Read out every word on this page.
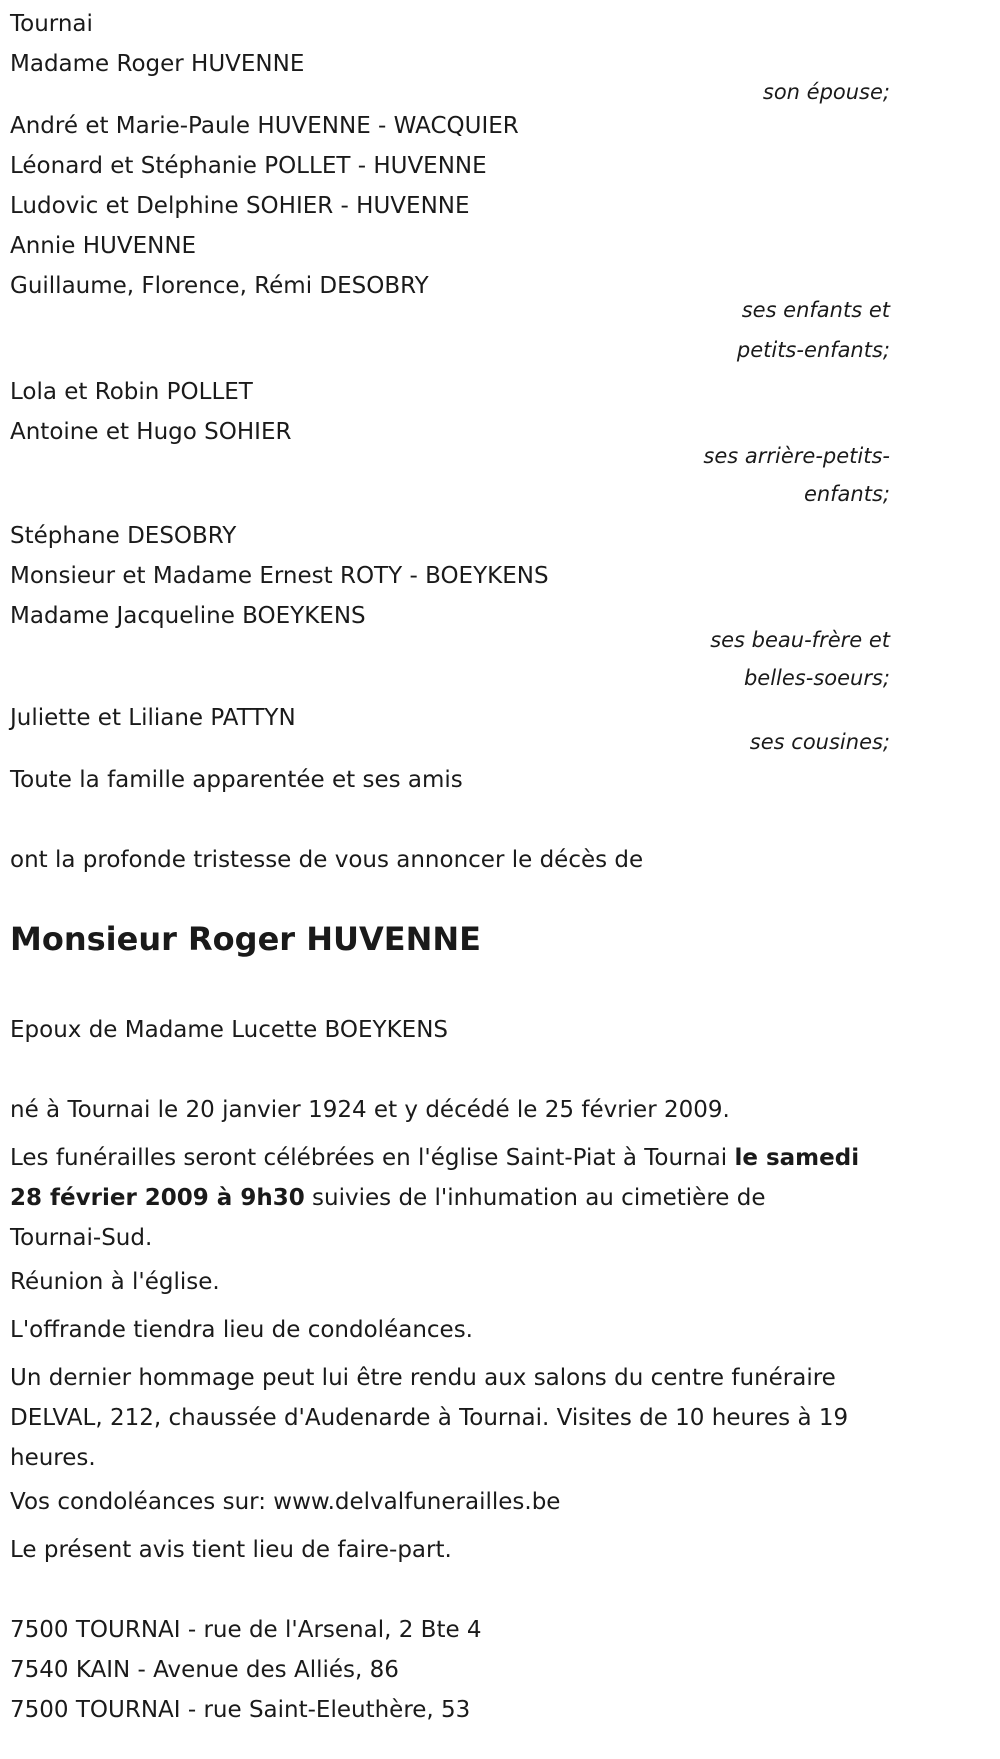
Tournai
Madame Roger HUVENNE
son épouse;
André et Marie-Paule HUVENNE - WACQUIER
Léonard et Stéphanie POLLET - HUVENNE
Ludovic et Delphine SOHIER - HUVENNE
Annie HUVENNE
Guillaume, Florence, Rémi DESOBRY
ses enfants et
petits-enfants;
Lola et Robin POLLET
Antoine et Hugo SOHIER
ses arrière-petits-
enfants;
Stéphane DESOBRY
Monsieur et Madame Ernest ROTY - BOEYKENS
Madame Jacqueline BOEYKENS
ses beau-frère et
belles-soeurs;
Juliette et Liliane PATTYN
ses cousines;
Toute la famille apparentée et ses amis
ont la profonde tristesse de vous annoncer le décès de
Monsieur Roger HUVENNE
Epoux de Madame Lucette BOEYKENS
né à Tournai le 20 janvier 1924 et y décédé le 25 février 2009.
Les funérailles seront célébrées en l'église Saint-Piat à Tournai le samedi
28 février 2009 à 9h30 suivies de l'inhumation au cimetière de
Tournai-Sud.
Réunion à l'église.
L'offrande tiendra lieu de condoléances.
Un dernier hommage peut lui être rendu aux salons du centre funéraire
DELVAL, 212, chaussée d'Audenarde à Tournai. Visites de 10 heures à 19
heures.
Vos condoléances sur: www.delvalfunerailles.be
Le présent avis tient lieu de faire-part.
7500 TOURNAI - rue de l'Arsenal, 2 Bte 4
7540 KAIN - Avenue des Alliés, 86
7500 TOURNAI - rue Saint-Eleuthère, 53
